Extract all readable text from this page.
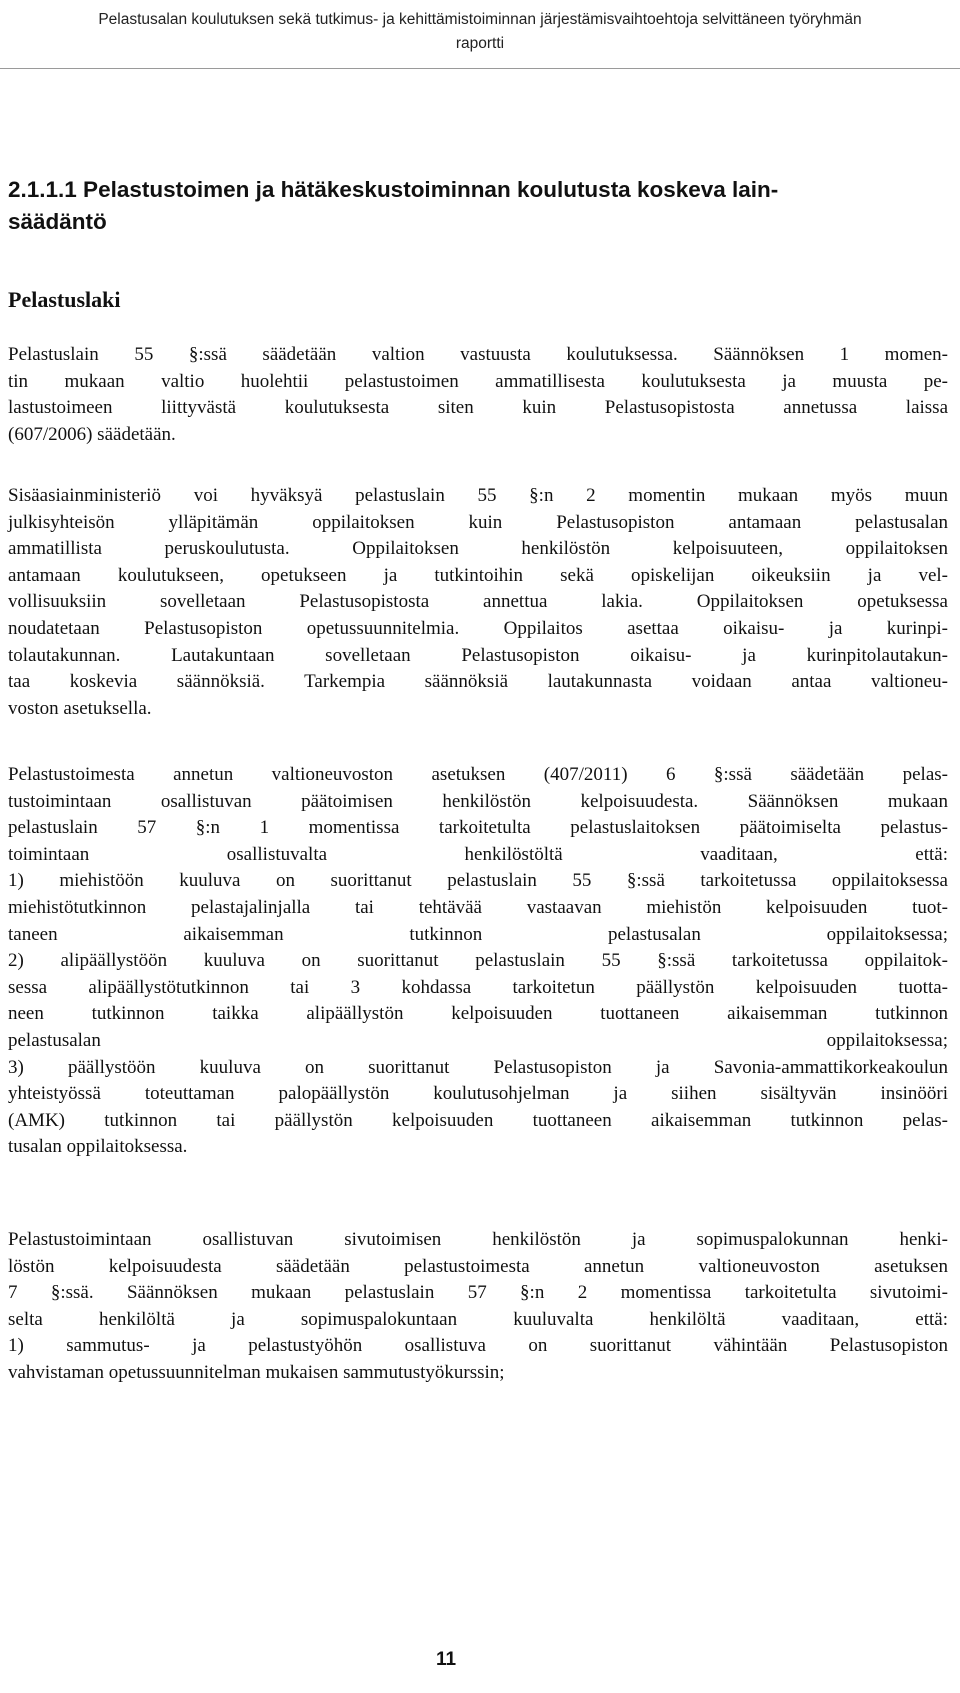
Pelastusalan koulutuksen sekä tutkimus- ja kehittämistoiminnan järjestämisvaihtoehtoja selvittäneen työryhmän
raportti
2.1.1.1 Pelastustoimen ja hätäkeskustoiminnan koulutusta koskeva lain-
säädäntö
Pelastuslaki
Pelastuslain 55 §:ssä säädetään valtion vastuusta koulutuksessa. Säännöksen 1 momen-
tin mukaan valtio huolehtii pelastustoimen ammatillisesta koulutuksesta ja muusta pe-
lastustoimeen liittyvästä koulutuksesta siten kuin Pelastusopistosta annetussa laissa
(607/2006) säädetään.
Sisäasiainministeriö voi hyväksyä pelastuslain 55 §:n 2 momentin mukaan myös muun
julkisyhteisön ylläpitämän oppilaitoksen kuin Pelastusopiston antamaan pelastusalan
ammatillista peruskoulutusta. Oppilaitoksen henkilöstön kelpoisuuteen, oppilaitoksen
antamaan koulutukseen, opetukseen ja tutkintoihin sekä opiskelijan oikeuksiin ja vel-
vollisuuksiin sovelletaan Pelastusopistosta annettua lakia. Oppilaitoksen opetuksessa
noudatetaan Pelastusopiston opetussuunnitelmia. Oppilaitos asettaa oikaisu- ja kurinpi-
tolautakunnan. Lautakuntaan sovelletaan Pelastusopiston oikaisu- ja kurinpitolautakun-
taa koskevia säännöksiä. Tarkempia säännöksiä lautakunnasta voidaan antaa valtioneu-
voston asetuksella.
Pelastustoimesta annetun valtioneuvoston asetuksen (407/2011) 6 §:ssä säädetään pelas-
tustoimintaan osallistuvan päätoimisen henkilöstön kelpoisuudesta. Säännöksen mukaan
pelastuslain 57 §:n 1 momentissa tarkoitetulta pelastuslaitoksen päätoimiselta pelastus-
toimintaan osallistuvalta henkilöstöltä vaaditaan, että:
1) miehistöön kuuluva on suorittanut pelastuslain 55 §:ssä tarkoitetussa oppilaitoksessa
miehistötutkinnon pelastajalinjalla tai tehtävää vastaavan miehistön kelpoisuuden tuot-
taneen aikaisemman tutkinnon pelastusalan oppilaitoksessa;
2) alipäällystöön kuuluva on suorittanut pelastuslain 55 §:ssä tarkoitetussa oppilaitok-
sessa alipäällystötutkinnon tai 3 kohdassa tarkoitetun päällystön kelpoisuuden tuotta-
neen tutkinnon taikka alipäällystön kelpoisuuden tuottaneen aikaisemman tutkinnon
pelastusalan oppilaitoksessa;
3) päällystöön kuuluva on suorittanut Pelastusopiston ja Savonia-ammattikorkeakoulun
yhteistyössä toteuttaman palopäällystön koulutusohjelman ja siihen sisältyvän insinööri
(AMK) tutkinnon tai päällystön kelpoisuuden tuottaneen aikaisemman tutkinnon pelas-
tusalan oppilaitoksessa.
Pelastustoimintaan osallistuvan sivutoimisen henkilöstön ja sopimuspalokunnan henki-
löstön kelpoisuudesta säädetään pelastustoimesta annetun valtioneuvoston asetuksen
7 §:ssä. Säännöksen mukaan pelastuslain 57 §:n 2 momentissa tarkoitetulta sivutoimi-
selta henkilöltä ja sopimuspalokuntaan kuuluvalta henkilöltä vaaditaan, että:
1) sammutus- ja pelastustyöhön osallistuva on suorittanut vähintään Pelastusopiston
vahvistaman opetussuunnitelman mukaisen sammutustyökurssin;
11
